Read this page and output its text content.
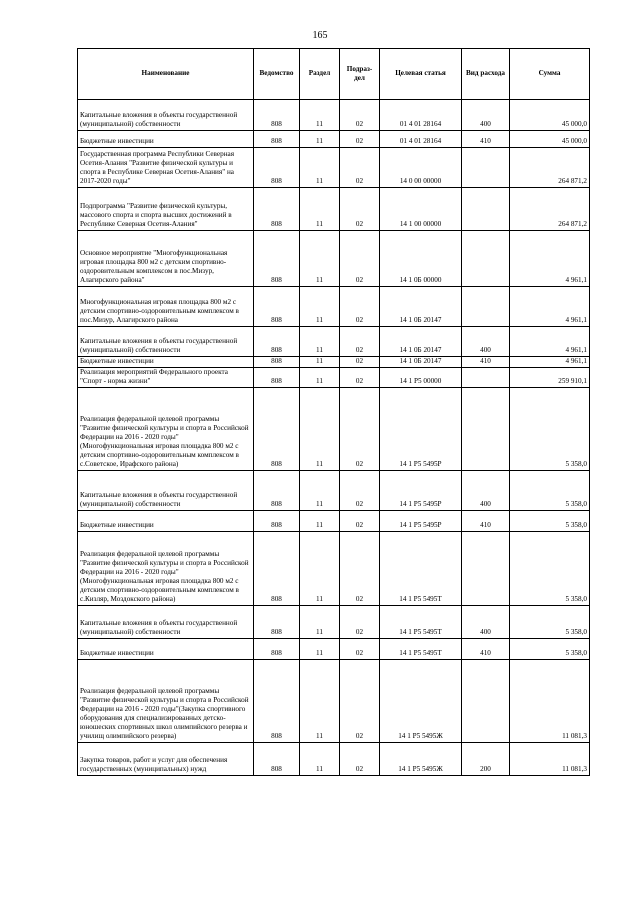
165
Наименование	Ведомство	Раздел	Подраз-дел	Целевая статья	Вид расхода	Сумма
Капитальные вложения в объекты государственной (муниципальной) собственности	808	11	02	01 4 01 28164	400	45 000,0
Бюджетные инвестиции	808	11	02	01 4 01 28164	410	45 000,0
Государственная программа Республики Северная Осетия-Алания "Развитие физической культуры и спорта в Республике Северная Осетия-Алания" на 2017-2020 годы"	808	11	02	14 0 00 00000		264 871,2
Подпрограмма "Развитие физической культуры, массового спорта и спорта высших достижений в Республике Северная Осетия-Алания"	808	11	02	14 1 00 00000		264 871,2
Основное мероприятие "Многофункциональная игровая площадка 800 м2 с детским спортивно-оздоровительным комплексом в пос.Мизур, Алагирского района"	808	11	02	14 1 0Б 00000		4 961,1
Многофункциональная игровая площадка 800 м2 с детским спортивно-оздоровительным комплексом в пос.Мизур, Алагирского района	808	11	02	14 1 0Б 20147		4 961,1
Капитальные вложения в объекты государственной (муниципальной) собственности	808	11	02	14 1 0Б 20147	400	4 961,1
Бюджетные инвестиции	808	11	02	14 1 0Б 20147	410	4 961,1
Реализация мероприятий Федерального проекта "Спорт - норма жизни"	808	11	02	14 1 P5 00000		259 910,1
Реализация федеральной целевой программы "Развитие физической культуры и спорта в Российской Федерации на 2016 - 2020 годы"(Многофункциональная игровая площадка 800 м2 с детским спортивно-оздоровительным комплексом в с.Советское, Ирафского района)	808	11	02	14 1 P5 5495P		5 358,0
Капитальные вложения в объекты государственной (муниципальной) собственности	808	11	02	14 1 P5 5495P	400	5 358,0
Бюджетные инвестиции	808	11	02	14 1 P5 5495P	410	5 358,0
Реализация федеральной целевой программы "Развитие физической культуры и спорта в Российской Федерации на 2016 - 2020 годы"(Многофункциональная игровая площадка 800 м2 с детским спортивно-оздоровительным комплексом в с.Кизляр, Моздокского района)	808	11	02	14 1 P5 5495T		5 358,0
Капитальные вложения в объекты государственной (муниципальной) собственности	808	11	02	14 1 P5 5495T	400	5 358,0
Бюджетные инвестиции	808	11	02	14 1 P5 5495T	410	5 358,0
Реализация федеральной целевой программы "Развитие физической культуры и спорта в Российской Федерации на 2016 - 2020 годы"(Закупка спортивного оборудования для специализированных детско-юношеских спортивных школ олимпийского резерва и училищ олимпийского резерва)	808	11	02	14 1 P5 5495Ж		11 081,3
Закупка товаров, работ и услуг для обеспечения государственных (муниципальных) нужд	808	11	02	14 1 P5 5495Ж	200	11 081,3
